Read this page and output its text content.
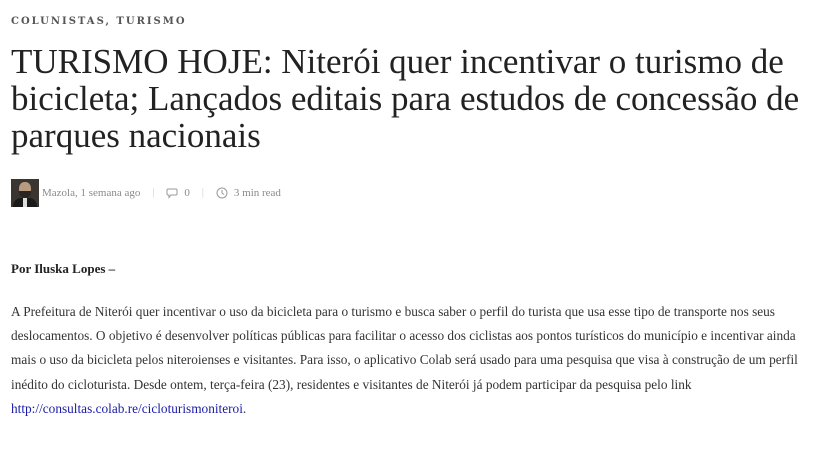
COLUNISTAS, TURISMO
TURISMO HOJE: Niterói quer incentivar o turismo de bicicleta; Lançados editais para estudos de concessão de parques nacionais
Mazola, 1 semana ago |	0 |	3 min read
Por Iluska Lopes –

A Prefeitura de Niterói quer incentivar o uso da bicicleta para o turismo e busca saber o perfil do turista que usa esse tipo de transporte nos seus deslocamentos. O objetivo é desenvolver políticas públicas para facilitar o acesso dos ciclistas aos pontos turísticos do município e incentivar ainda mais o uso da bicicleta pelos niteroienses e visitantes. Para isso, o aplicativo Colab será usado para uma pesquisa que visa à construção de um perfil inédito do cicloturista. Desde ontem, terça-feira (23), residentes e visitantes de Niterói já podem participar da pesquisa pelo link http://consultas.colab.re/cicloturismoniteroi.
